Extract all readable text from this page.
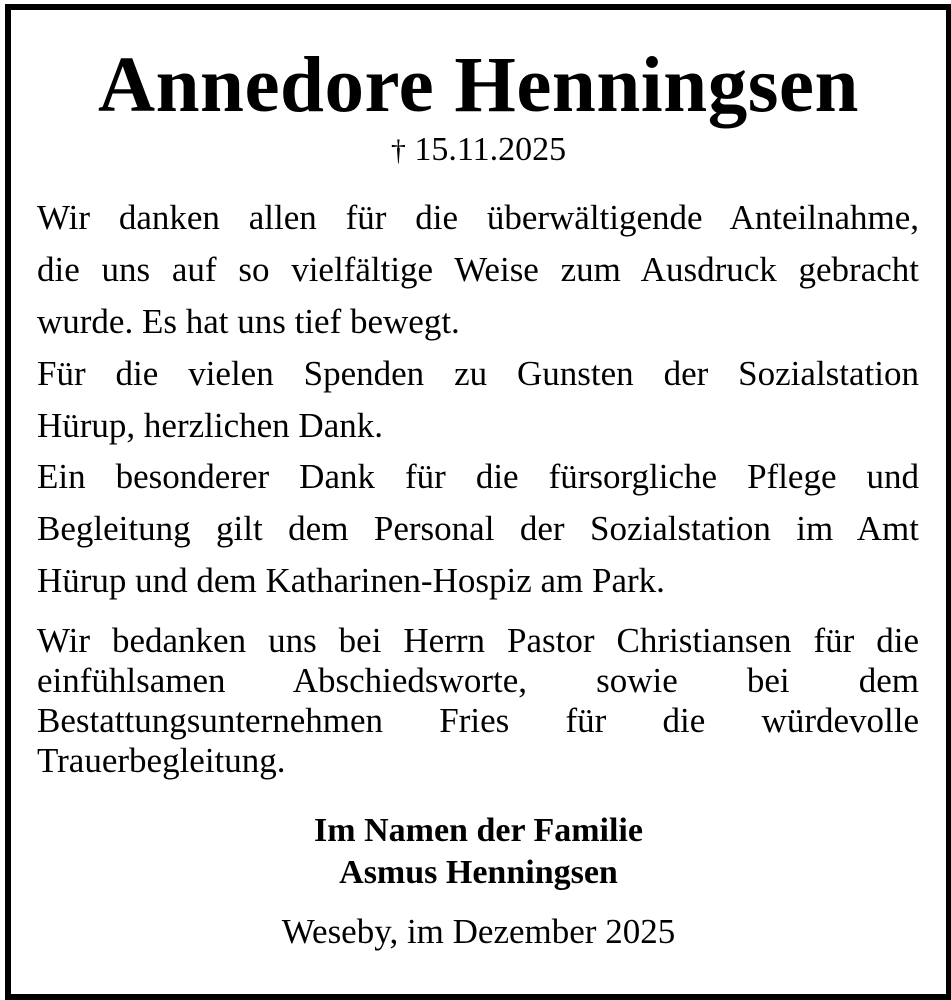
Annedore Henningsen
† 15.11.2025
Wir danken allen für die überwältigende Anteilnahme,
die uns auf so vielfältige Weise zum Ausdruck gebracht
wurde. Es hat uns tief bewegt.
Für die vielen Spenden zu Gunsten der Sozialstation
Hürup, herzlichen Dank.
Ein besonderer Dank für die fürsorgliche Pflege und
Begleitung gilt dem Personal der Sozialstation im Amt
Hürup und dem Katharinen-Hospiz am Park.
Wir bedanken uns bei Herrn Pastor Christiansen für die
einfühlsamen Abschiedsworte, sowie bei dem
Bestattungsunternehmen Fries für die würdevolle
Trauerbegleitung.
Im Namen der Familie
Asmus Henningsen
Weseby, im Dezember 2025
